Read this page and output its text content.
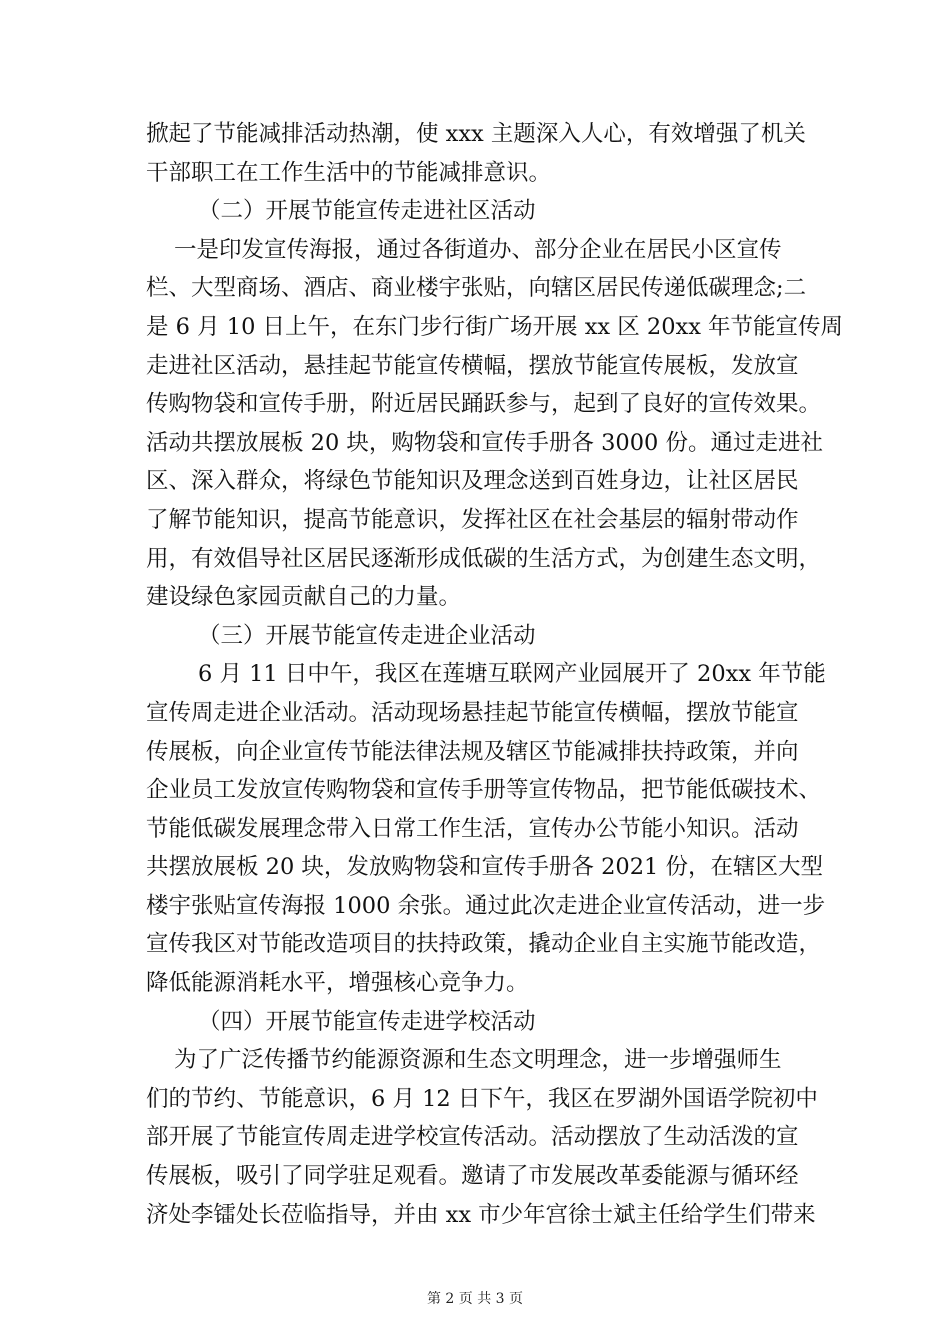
掀起了节能减排活动热潮，使 xxx 主题深入人心，有效增强了机关
干部职工在工作生活中的节能减排意识。
（二）开展节能宣传走进社区活动
一是印发宣传海报，通过各街道办、部分企业在居民小区宣传
栏、大型商场、酒店、商业楼宇张贴，向辖区居民传递低碳理念;二
是 6 月 10 日上午，在东门步行街广场开展 xx 区 20xx 年节能宣传周
走进社区活动，悬挂起节能宣传横幅，摆放节能宣传展板，发放宣
传购物袋和宣传手册，附近居民踊跃参与，起到了良好的宣传效果。
活动共摆放展板 20 块，购物袋和宣传手册各 3000 份。通过走进社
区、深入群众，将绿色节能知识及理念送到百姓身边，让社区居民
了解节能知识，提高节能意识，发挥社区在社会基层的辐射带动作
用，有效倡导社区居民逐渐形成低碳的生活方式，为创建生态文明，
建设绿色家园贡献自己的力量。
（三）开展节能宣传走进企业活动
6 月 11 日中午，我区在莲塘互联网产业园展开了 20xx 年节能
宣传周走进企业活动。活动现场悬挂起节能宣传横幅，摆放节能宣
传展板，向企业宣传节能法律法规及辖区节能减排扶持政策，并向
企业员工发放宣传购物袋和宣传手册等宣传物品，把节能低碳技术、
节能低碳发展理念带入日常工作生活，宣传办公节能小知识。活动
共摆放展板 20 块，发放购物袋和宣传手册各 2021 份，在辖区大型
楼宇张贴宣传海报 1000 余张。通过此次走进企业宣传活动，进一步
宣传我区对节能改造项目的扶持政策，撬动企业自主实施节能改造，
降低能源消耗水平，增强核心竞争力。
（四）开展节能宣传走进学校活动
为了广泛传播节约能源资源和生态文明理念，进一步增强师生
们的节约、节能意识，6 月 12 日下午，我区在罗湖外国语学院初中
部开展了节能宣传周走进学校宣传活动。活动摆放了生动活泼的宣
传展板，吸引了同学驻足观看。邀请了市发展改革委能源与循环经
济处李镭处长莅临指导，并由 xx 市少年宫徐士斌主任给学生们带来
第 2 页 共 3 页
